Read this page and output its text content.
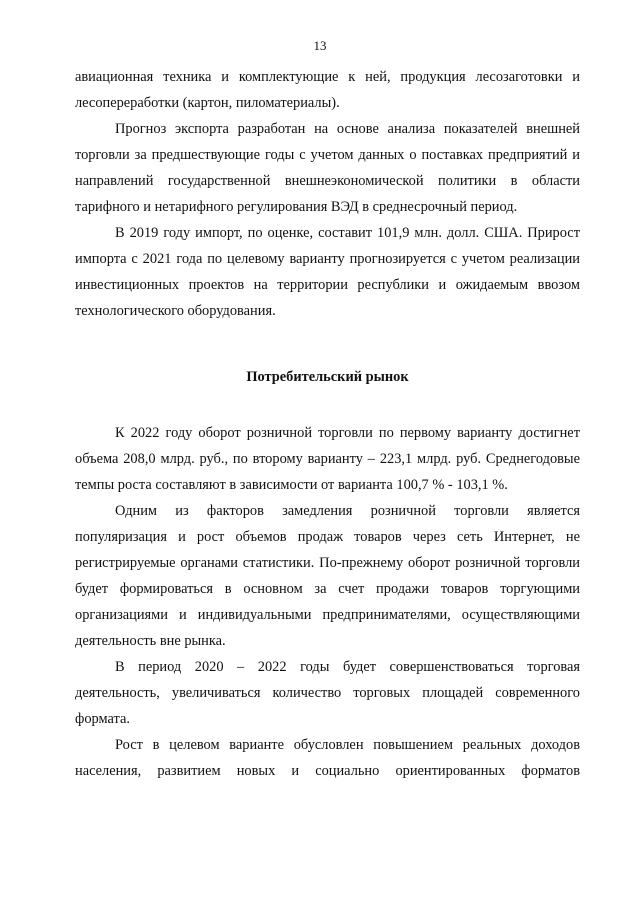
13

авиационная техника и комплектующие к ней, продукция лесозаготовки и лесопереработки (картон, пиломатериалы).

Прогноз экспорта разработан на основе анализа показателей внешней торговли за предшествующие годы с учетом данных о поставках предприятий и направлений государственной внешнеэкономической политики в области тарифного и нетарифного регулирования ВЭД в среднесрочный период.

В 2019 году импорт, по оценке, составит 101,9 млн. долл. США. Прирост импорта с 2021 года по целевому варианту прогнозируется с учетом реализации инвестиционных проектов на территории республики и ожидаемым ввозом технологического оборудования.

Потребительский рынок

К 2022 году оборот розничной торговли по первому варианту достигнет объема 208,0 млрд. руб., по второму варианту – 223,1 млрд. руб. Среднегодовые темпы роста составляют в зависимости от варианта 100,7 % - 103,1 %.

Одним из факторов замедления розничной торговли является популяризация и рост объемов продаж товаров через сеть Интернет, не регистрируемые органами статистики. По-прежнему оборот розничной торговли будет формироваться в основном за счет продажи товаров торгующими организациями и индивидуальными предпринимателями, осуществляющими деятельность вне рынка.

В период 2020 – 2022 годы будет совершенствоваться торговая деятельность, увеличиваться количество торговых площадей современного формата.

Рост в целевом варианте обусловлен повышением реальных доходов населения, развитием новых и социально ориентированных форматов
